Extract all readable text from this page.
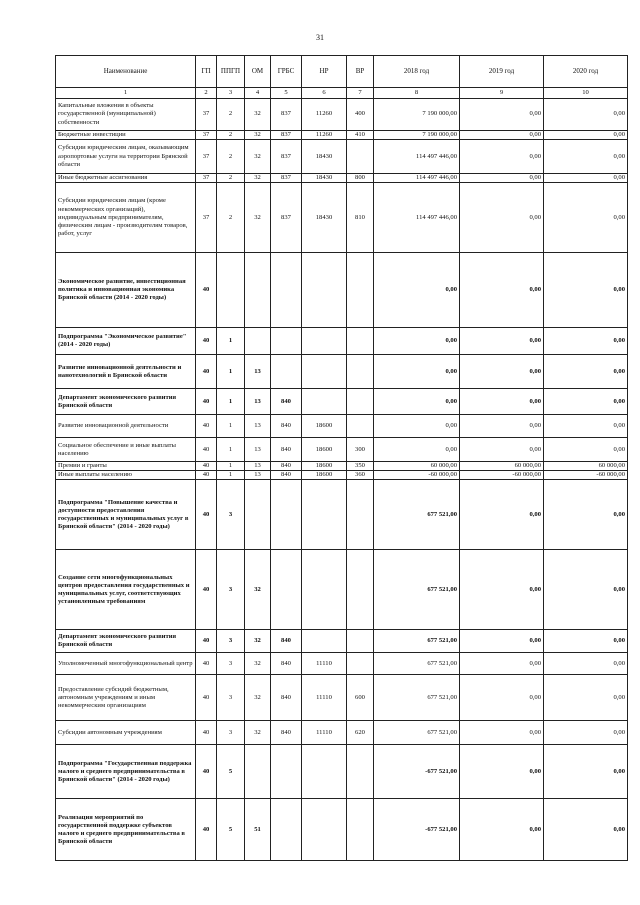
31
Наименование	ГП	ППГП	ОМ	ГРБС	НР	ВР	2018 год	2019 год	2020 год
1	2	3	4	5	6	7	8	9	10
Капитальные вложения в объекты государственной (муниципальной) собственности	37	2	32	837	11260	400	7 190 000,00	0,00	0,00
Бюджетные инвестиции	37	2	32	837	11260	410	7 190 000,00	0,00	0,00
Субсидии юридическим лицам, оказывающим аэропортовые услуги на территории Брянской области	37	2	32	837	18430		114 497 446,00	0,00	0,00
Иные бюджетные ассигнования	37	2	32	837	18430	800	114 497 446,00	0,00	0,00
Субсидии юридическим лицам (кроме некоммерческих организаций), индивидуальным предпринимателям, физическим лицам - производителям товаров, работ, услуг	37	2	32	837	18430	810	114 497 446,00	0,00	0,00
Экономическое развитие, инвестиционная политика и инновационная экономика Брянской области (2014 - 2020 годы)	40						0,00	0,00	0,00
Подпрограмма "Экономическое развитие" (2014 - 2020 годы)	40	1					0,00	0,00	0,00
Развитие инновационной деятельности и нанотехнологий в Брянской области	40	1	13				0,00	0,00	0,00
Департамент экономического развития Брянской области	40	1	13	840			0,00	0,00	0,00
Развитие инновационной деятельности	40	1	13	840	18600		0,00	0,00	0,00
Социальное обеспечение и иные выплаты населению	40	1	13	840	18600	300	0,00	0,00	0,00
Премии и гранты	40	1	13	840	18600	350	60 000,00	60 000,00	60 000,00
Иные выплаты населению	40	1	13	840	18600	360	-60 000,00	-60 000,00	-60 000,00
Подпрограмма "Повышение качества и доступности предоставления государственных и муниципальных услуг в Брянской области" (2014 - 2020 годы)	40	3					677 521,00	0,00	0,00
Создание сети многофункциональных центров предоставления государственных и муниципальных услуг, соответствующих установленным требованиям	40	3	32				677 521,00	0,00	0,00
Департамент экономического развития Брянской области	40	3	32	840			677 521,00	0,00	0,00
Уполномоченный многофункциональный центр	40	3	32	840	11110		677 521,00	0,00	0,00
Предоставление субсидий бюджетным, автономным учреждениям и иным некоммерческим организациям	40	3	32	840	11110	600	677 521,00	0,00	0,00
Субсидии автономным учреждениям	40	3	32	840	11110	620	677 521,00	0,00	0,00
Подпрограмма "Государственная поддержка малого и среднего предпринимательства в Брянской области" (2014 - 2020 годы)	40	5					-677 521,00	0,00	0,00
Реализация мероприятий по государственной поддержке субъектов малого и среднего предпринимательства в Брянской области	40	5	51				-677 521,00	0,00	0,00
